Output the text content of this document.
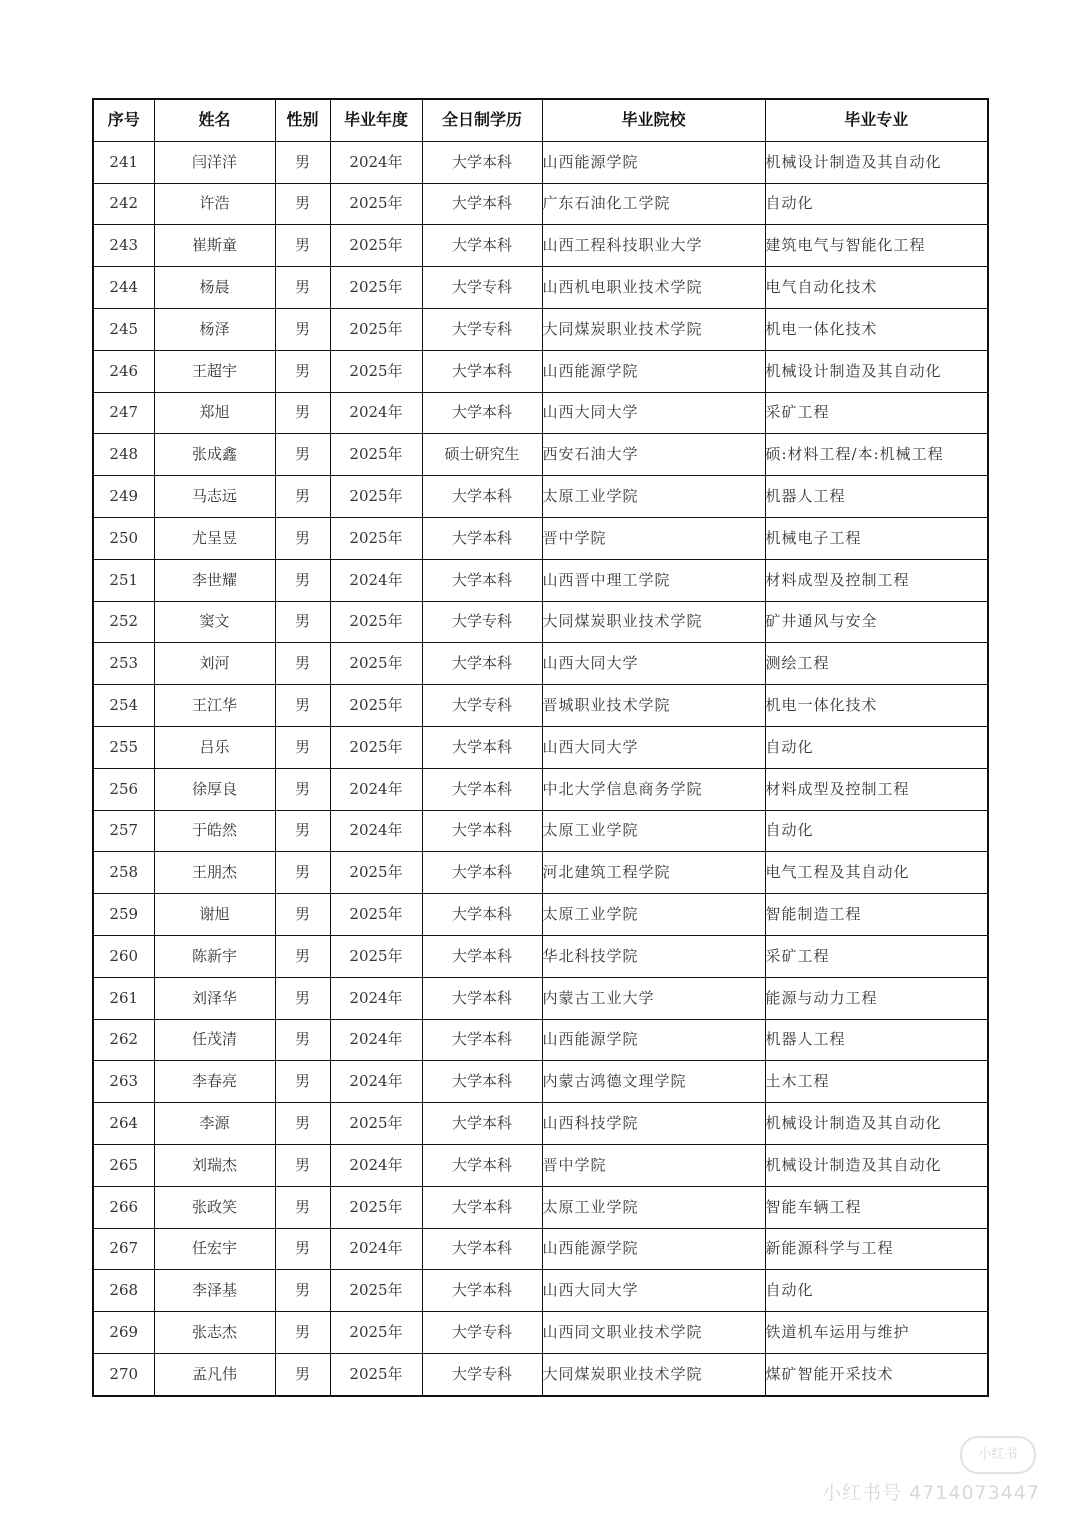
序号	姓名	性别	毕业年度	全日制学历	毕业院校	毕业专业
241	闫洋洋	男	2024年	大学本科	山西能源学院	机械设计制造及其自动化
242	许浩	男	2025年	大学本科	广东石油化工学院	自动化
243	崔斯童	男	2025年	大学本科	山西工程科技职业大学	建筑电气与智能化工程
244	杨晨	男	2025年	大学专科	山西机电职业技术学院	电气自动化技术
245	杨泽	男	2025年	大学专科	大同煤炭职业技术学院	机电一体化技术
246	王超宇	男	2025年	大学本科	山西能源学院	机械设计制造及其自动化
247	郑旭	男	2024年	大学本科	山西大同大学	采矿工程
248	张成鑫	男	2025年	硕士研究生	西安石油大学	硕:材料工程/本:机械工程
249	马志远	男	2025年	大学本科	太原工业学院	机器人工程
250	尤呈昱	男	2025年	大学本科	晋中学院	机械电子工程
251	李世耀	男	2024年	大学本科	山西晋中理工学院	材料成型及控制工程
252	窦文	男	2025年	大学专科	大同煤炭职业技术学院	矿井通风与安全
253	刘河	男	2025年	大学本科	山西大同大学	测绘工程
254	王江华	男	2025年	大学专科	晋城职业技术学院	机电一体化技术
255	吕乐	男	2025年	大学本科	山西大同大学	自动化
256	徐厚良	男	2024年	大学本科	中北大学信息商务学院	材料成型及控制工程
257	于皓然	男	2024年	大学本科	太原工业学院	自动化
258	王朋杰	男	2025年	大学本科	河北建筑工程学院	电气工程及其自动化
259	谢旭	男	2025年	大学本科	太原工业学院	智能制造工程
260	陈新宇	男	2025年	大学本科	华北科技学院	采矿工程
261	刘泽华	男	2024年	大学本科	内蒙古工业大学	能源与动力工程
262	任茂清	男	2024年	大学本科	山西能源学院	机器人工程
263	李春亮	男	2024年	大学本科	内蒙古鸿德文理学院	土木工程
264	李源	男	2025年	大学本科	山西科技学院	机械设计制造及其自动化
265	刘瑞杰	男	2024年	大学本科	晋中学院	机械设计制造及其自动化
266	张政笑	男	2025年	大学本科	太原工业学院	智能车辆工程
267	任宏宇	男	2024年	大学本科	山西能源学院	新能源科学与工程
268	李泽基	男	2025年	大学本科	山西大同大学	自动化
269	张志杰	男	2025年	大学专科	山西同文职业技术学院	铁道机车运用与维护
270	孟凡伟	男	2025年	大学专科	大同煤炭职业技术学院	煤矿智能开采技术
小红书
小红书号 4714073447
